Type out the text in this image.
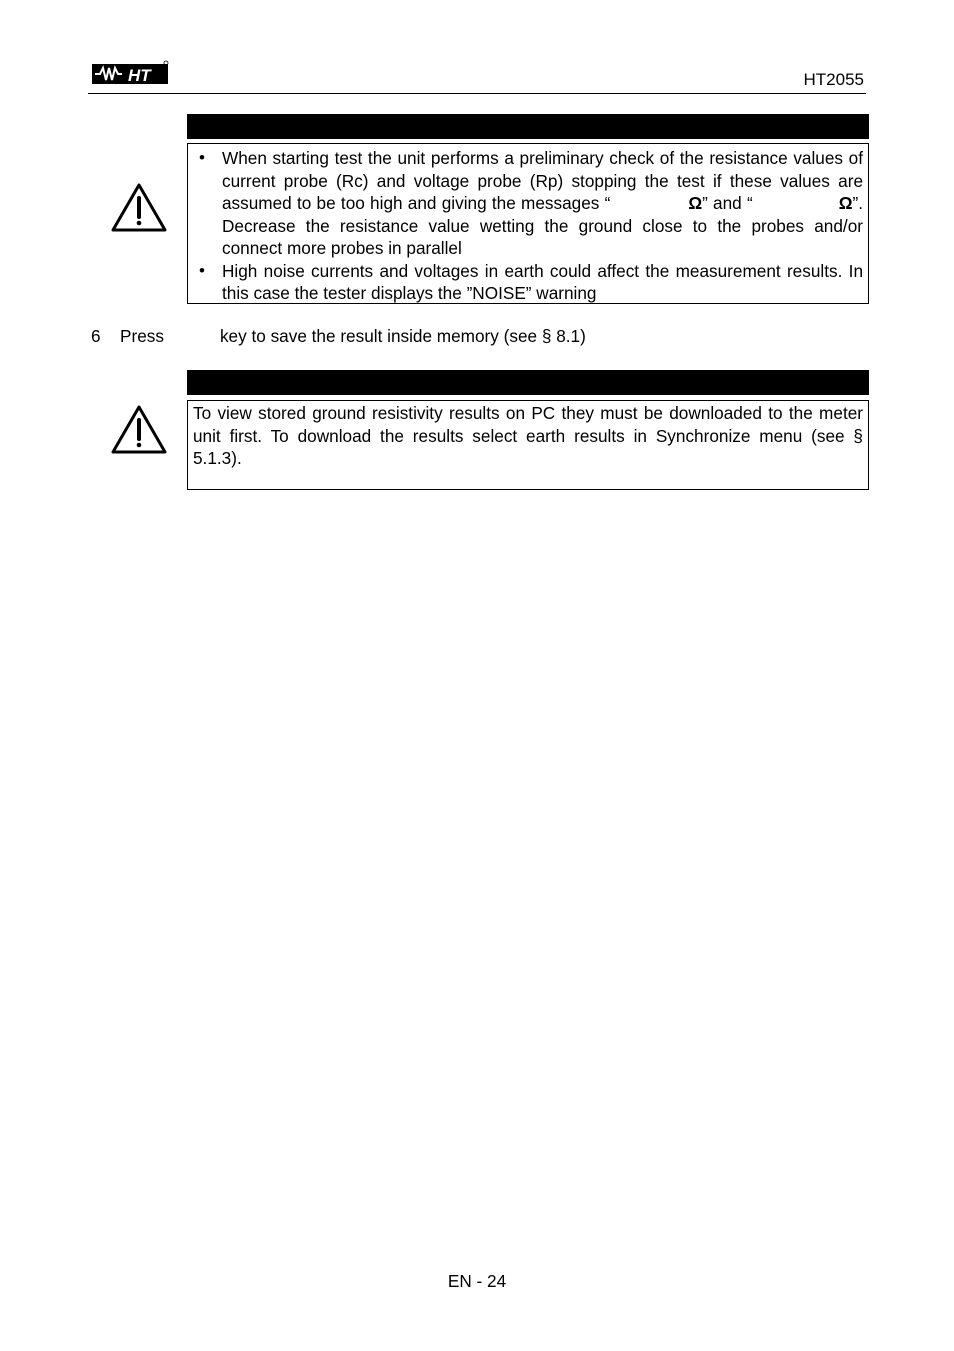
HT	HT2055
• When starting test the unit performs a preliminary check of the resistance values of current probe (Rc) and voltage probe (Rp) stopping the test if these values are assumed to be too high and giving the messages “	Ω” and “	Ω”. Decrease the resistance value wetting the ground close to the probes and/or connect more probes in parallel
• High noise currents and voltages in earth could affect the measurement results. In this case the tester displays the ”NOISE” warning
6 Press	key to save the result inside memory (see § 8.1)
To view stored ground resistivity results on PC they must be downloaded to the meter unit first. To download the results select earth results in Synchronize menu (see § 5.1.3).
EN - 24
